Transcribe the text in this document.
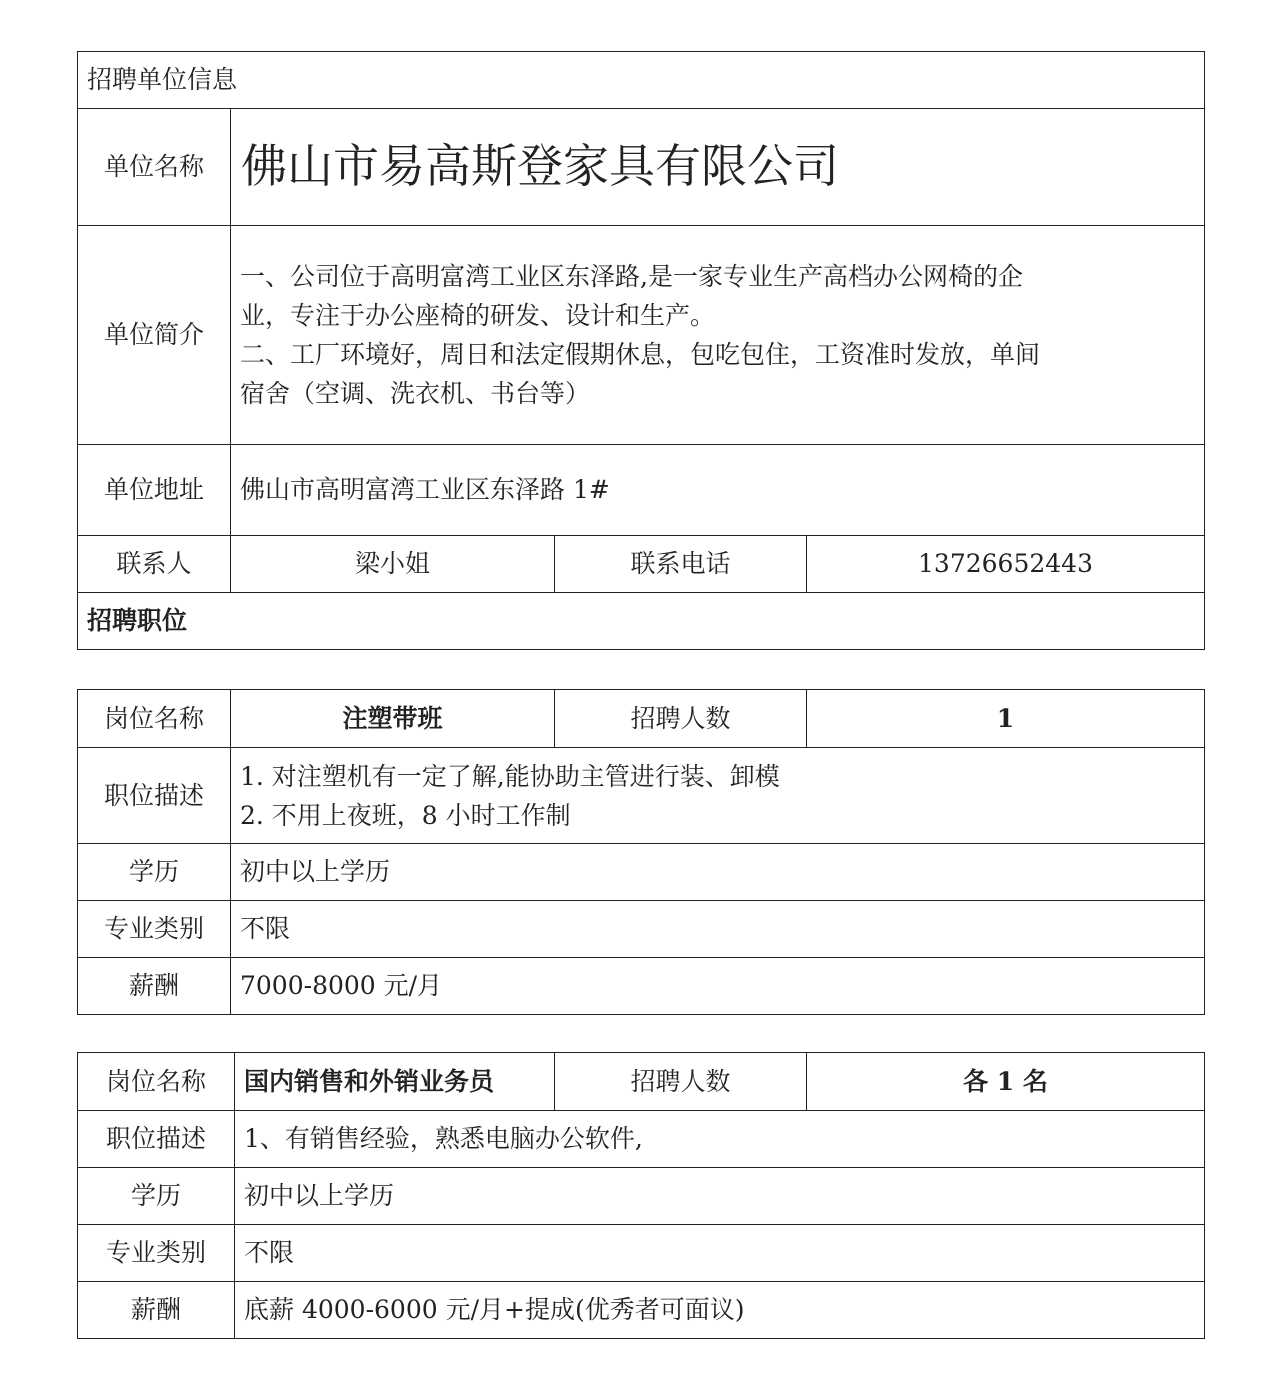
招聘单位信息			
单位名称	佛山市易高斯登家具有限公司		
单位简介	一、公司位于高明富湾工业区东泽路,是一家专业生产高档办公网椅的企
业，专注于办公座椅的研发、设计和生产。
二、工厂环境好，周日和法定假期休息，包吃包住，工资准时发放，单间
宿舍（空调、洗衣机、书台等）		

单位地址	佛山市高明富湾工业区东泽路 1#		
联系人	梁小姐	联系电话	13726652443
招聘职位			
岗位名称	注塑带班	招聘人数	1
职位描述	1. 对注塑机有一定了解,能协助主管进行装、卸模
2. 不用上夜班，8 小时工作制		

学历	初中以上学历		
专业类别	不限		
薪酬	7000-8000 元/月		
岗位名称	国内销售和外销业务员	招聘人数	各 1 名
职位描述	1、有销售经验，熟悉电脑办公软件,		
学历	初中以上学历		
专业类别	不限		
薪酬	底薪 4000-6000 元/月+提成(优秀者可面议)		
